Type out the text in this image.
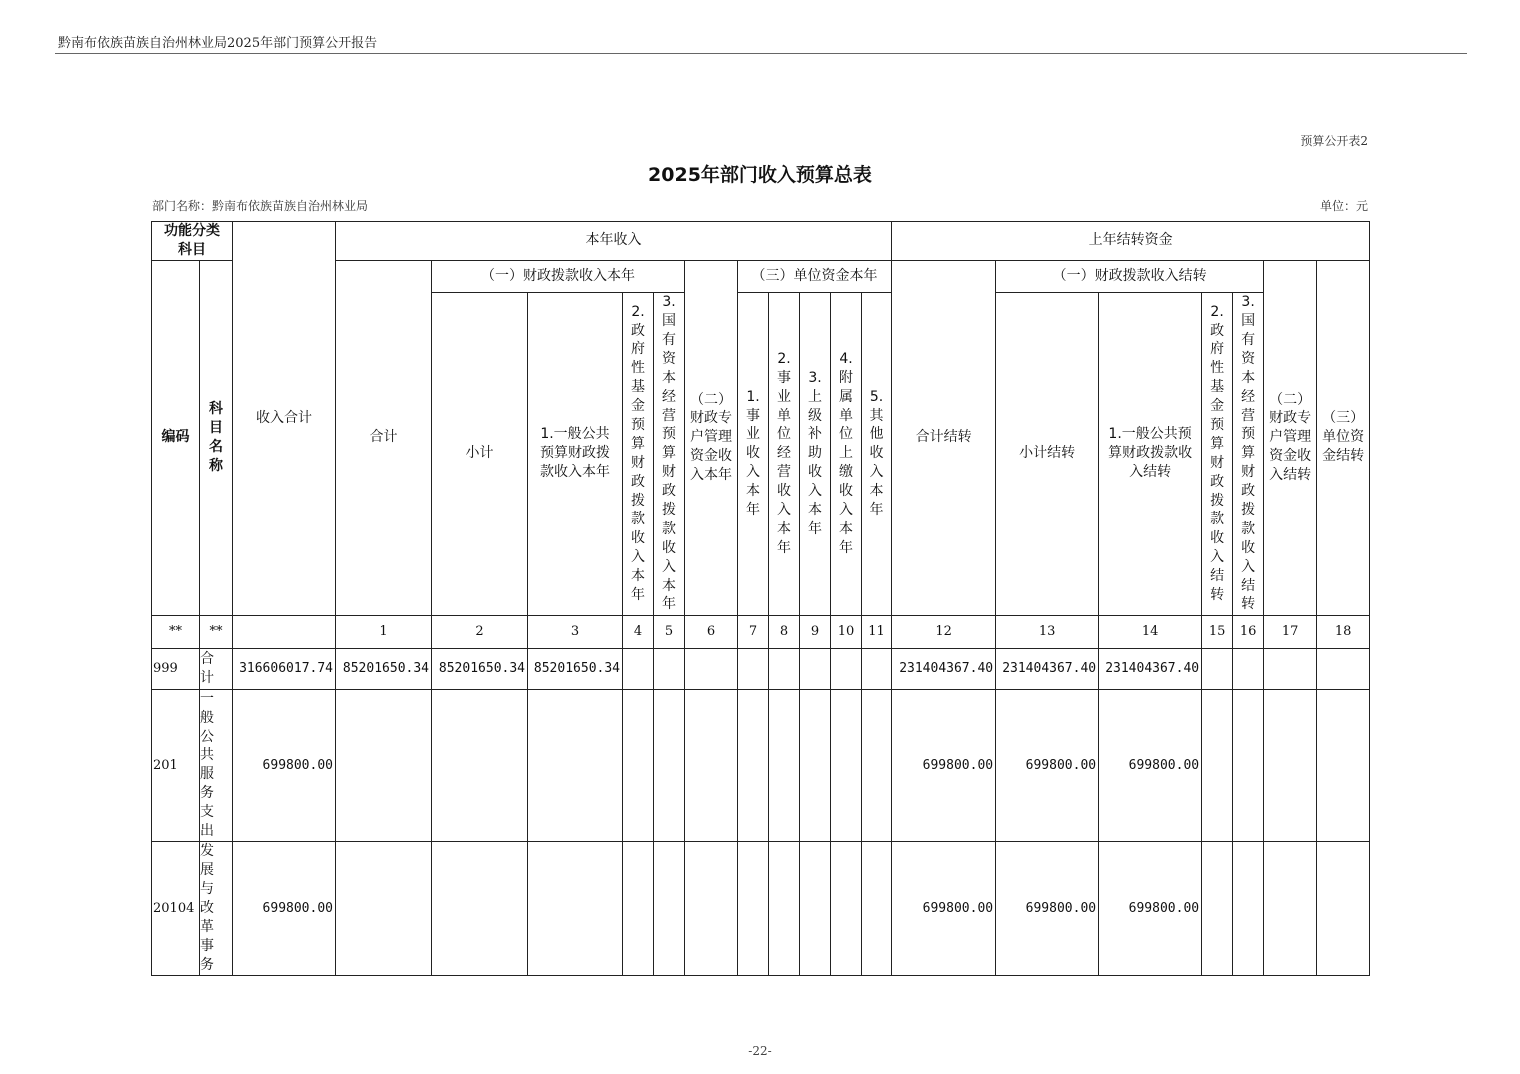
黔南布依族苗族自治州林业局2025年部门预算公开报告
预算公开表2
2025年部门收入预算总表
部门名称：黔南布依族苗族自治州林业局	单位：元
功能分类科目		收入合计	本年收入											上年结转资金						
编码	科目名称		合计	（一）财政拨款收入本年				（二）财政专户管理资金收入本年	（三）单位资金本年					合计结转	（一）财政拨款收入结转				（二）财政专户管理资金收入结转	（三）单位资金结转
				小计	1.一般公共预算财政拨款收入本年	2.政府性基金预算财政拨款收入本年	3.国有资本经营预算财政拨款收入本年		1.事业收入本年	2.事业单位经营收入本年	3.上级补助收入本年	4.附属单位上缴收入本年	5.其他收入本年		小计结转	1.一般公共预算财政拨款收入结转	2.政府性基金预算财政拨款收入结转	3.国有资本经营预算财政拨款收入结转		
**	**		1	2	3	4	5	6	7	8	9	10	11	12	13	14	15	16	17	18
999	合计	316606017.74	85201650.34	85201650.34	85201650.34									231404367.40	231404367.40	231404367.40				
201	一般公共服务支出	699800.00												699800.00	699800.00	699800.00				
20104	发展与改革事务	699800.00												699800.00	699800.00	699800.00				
-22-
